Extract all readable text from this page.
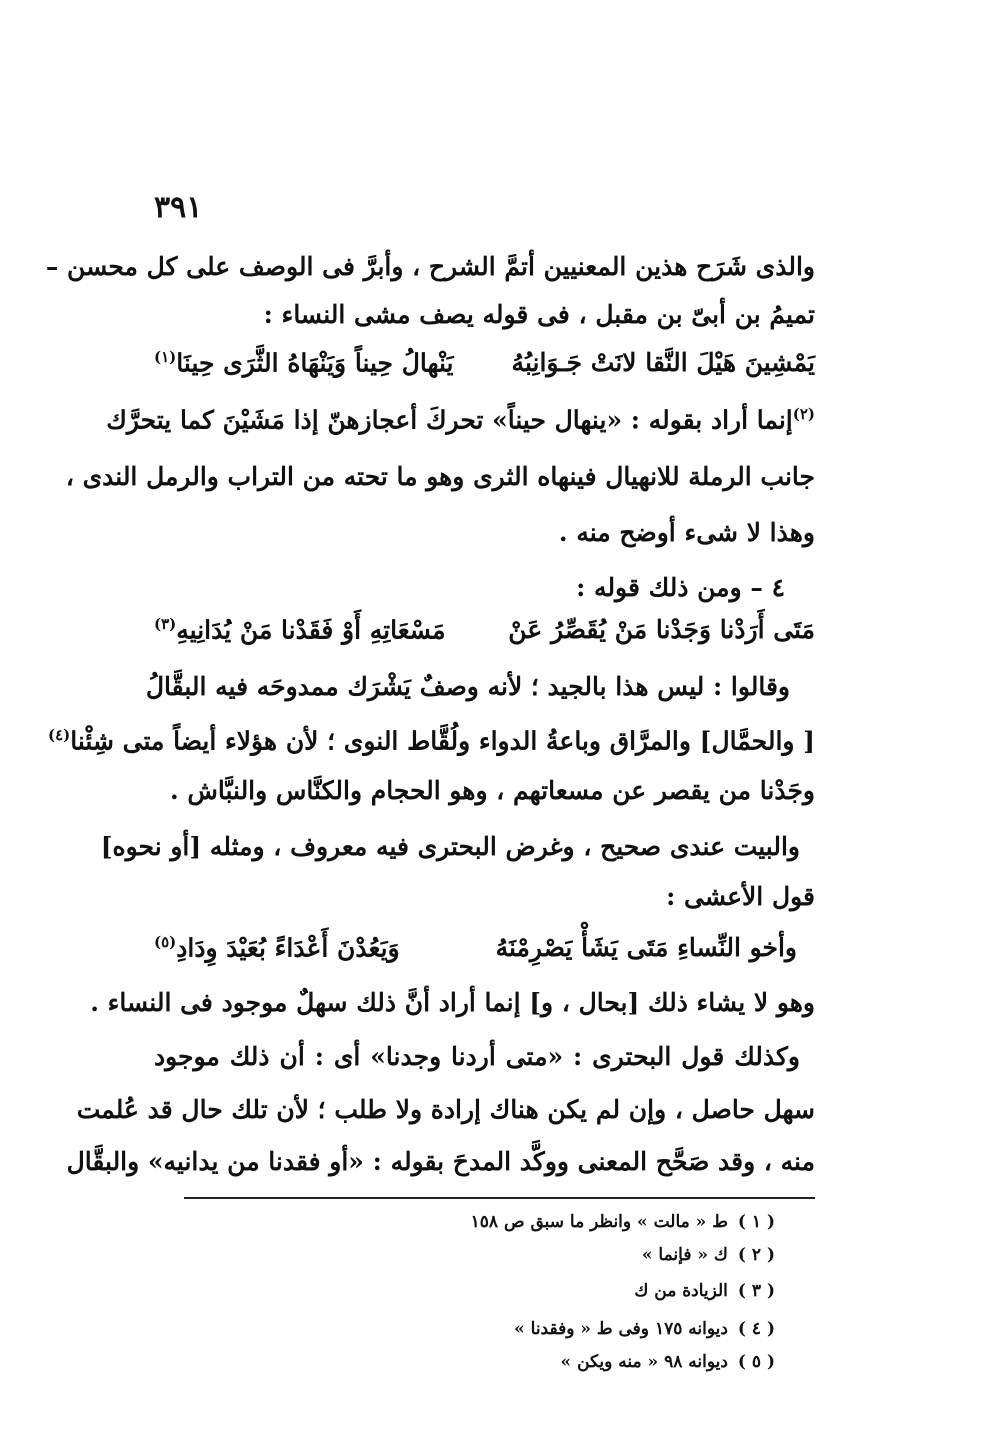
٣٩١
والذى شَرَح هذين المعنيين أتمَّ الشرح ، وأبرَّ فى الوصف على كل محسن –
تميمُ بن أبىّ بن مقبل ، فى قوله يصف مشى النساء :
يَمْشِينَ هَيْلَ النَّقا لانَتْ جَـوَانِبُهُ
يَنْهالُ حِيناً وَيَنْهَاهُ الثَّرَى حِينَا$^{(١)}$
$^{(٢)}$إنما أراد بقوله : «ينهال حيناً» تحركَ أعجازهنّ إذا مَشَيْنَ كما يتحرَّك
جانب الرملة للانهيال فينهاه الثرى وهو ما تحته من التراب والرمل الندى ،
وهذا لا شىء أوضح منه .
٤ – ومن ذلك قوله :
مَتَى أَرَدْنا وَجَدْنا مَنْ يُقَصِّرُ عَنْ
مَسْعَاتِهِ أَوْ فَقَدْنا مَنْ يُدَانِيهِ$^{(٣)}$
وقالوا : ليس هذا بالجيد ؛ لأنه وصفٌ يَشْرَك ممدوحَه فيه البقَّالُ
[ والحمَّال] والمرَّاق وباعةُ الدواء ولُقَّاط النوى ؛ لأن هؤلاء أيضاً متى شِئْنا$^{(٤)}$
وجَدْنا من يقصر عن مسعاتهم ، وهو الحجام والكنَّاس والنبَّاش .
والبيت عندى صحيح ، وغرض البحترى فيه معروف ، ومثله [أو نحوه]
قول الأعشى :
وأخو النِّساءِ مَتَى يَشَأْ يَصْرِمْنَهُ
وَيَعُدْنَ أَعْدَاءً بُعَيْدَ وِدَادِ$^{(٥)}$
وهو لا يشاء ذلك [بحال ، و] إنما أراد أنَّ ذلك سهلٌ موجود فى النساء .
وكذلك قول البحترى : «متى أردنا وجدنا» أى : أن ذلك موجود
سهل حاصل ، وإن لم يكن هناك إرادة ولا طلب ؛ لأن تلك حال قد عُلمت
منه ، وقد صَحَّح المعنى ووكَّد المدحَ بقوله : «أو فقدنا من يدانيه» والبقَّال
( ١ )ط « مالت » وانظر ما سبق ص ١٥٨
( ٢ )ك « فإنما »
( ٣ )الزيادة من ك
( ٤ )ديوانه ١٧٥ وفى ط « وفقدنا »
( ٥ )ديوانه ٩٨ « منه ويكن »
